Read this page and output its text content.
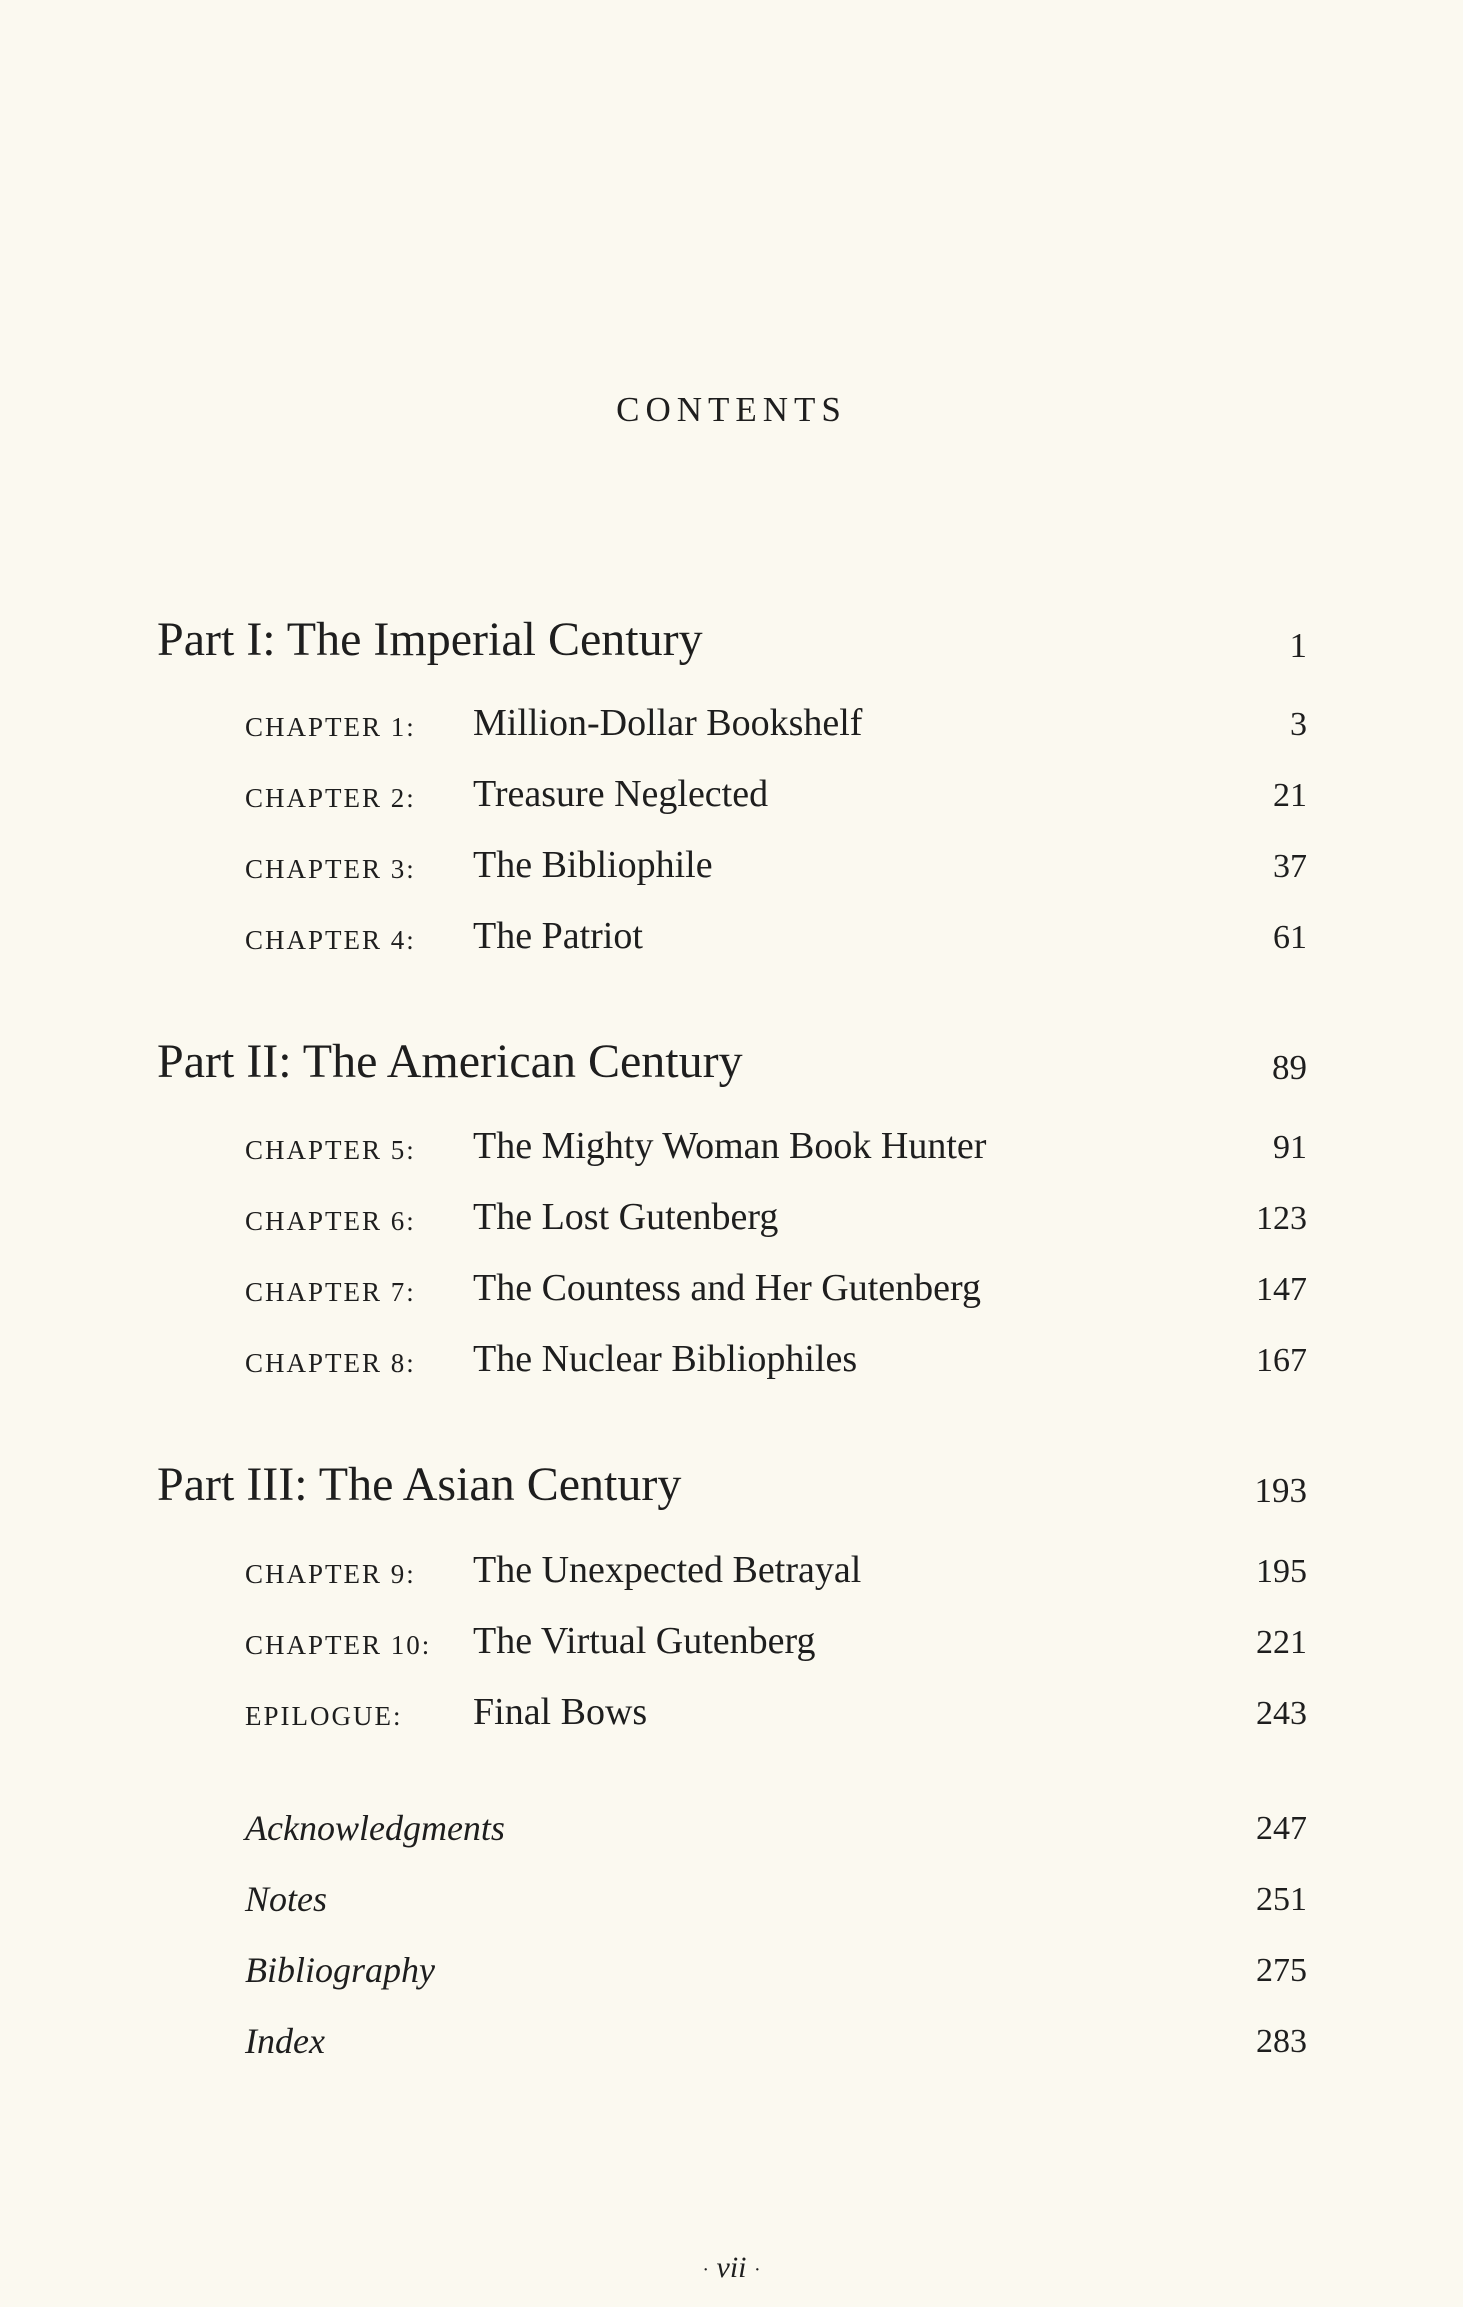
CONTENTS
Part I: The Imperial Century	1
CHAPTER 1: Million-Dollar Bookshelf	3
CHAPTER 2: Treasure Neglected	21
CHAPTER 3: The Bibliophile	37
CHAPTER 4: The Patriot	61
Part II: The American Century	89
CHAPTER 5: The Mighty Woman Book Hunter	91
CHAPTER 6: The Lost Gutenberg	123
CHAPTER 7: The Countess and Her Gutenberg	147
CHAPTER 8: The Nuclear Bibliophiles	167
Part III: The Asian Century	193
CHAPTER 9: The Unexpected Betrayal	195
CHAPTER 10: The Virtual Gutenberg	221
EPILOGUE: Final Bows	243
Acknowledgments	247
Notes	251
Bibliography	275
Index	283
· vii ·
